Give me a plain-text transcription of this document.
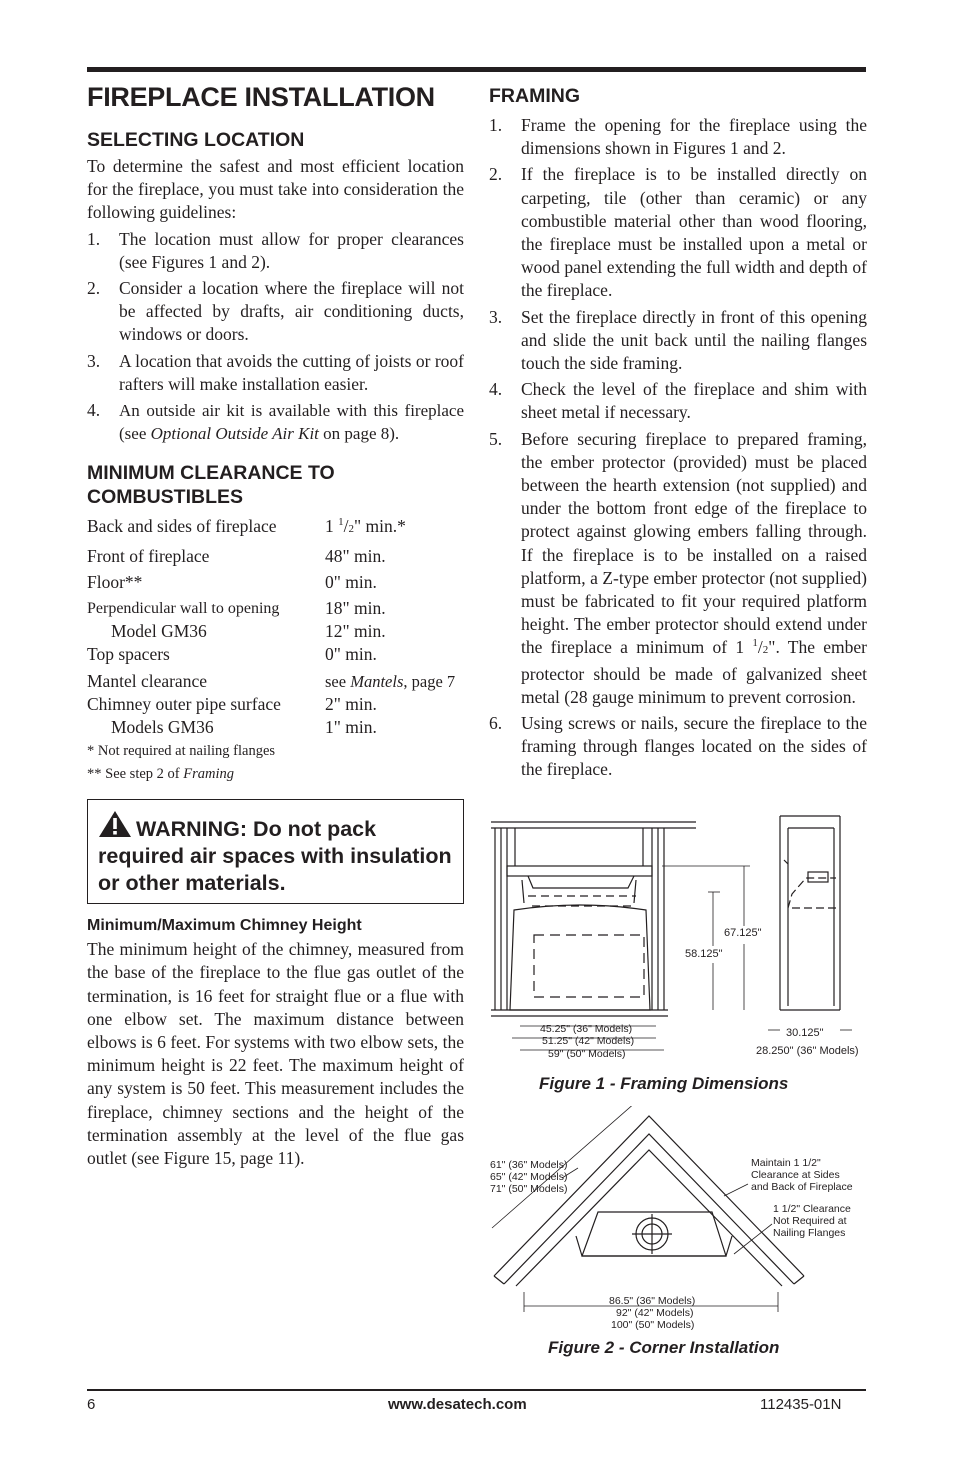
FIREPLACE INSTALLATION
SELECTING LOCATION

To determine the safest and most efficient location for the fireplace, you must take into consideration the following guidelines:

1.	The location must allow for proper clearances (see Figures 1 and 2).
2.	Consider a location where the fireplace will not be affected by drafts, air conditioning ducts, windows or doors.
3.	A location that avoids the cutting of joists or roof rafters will make installation easier.
4.	An outside air kit is available with this fireplace (see Optional Outside Air Kit on page 8).
MINIMUM CLEARANCE TO COMBUSTIBLES
Back and sides of fireplace	1 $^1$/2" min.*
Front of fireplace	48" min.
Floor**	0" min.
Perpendicular wall to opening	18" min.
Model GM36	12" min.
Top spacers	0" min.
Mantel clearance	see Mantels, page 7
Chimney outer pipe surface	2" min.
Models GM36	1" min.
* Not required at nailing flanges
** See step 2 of Framing
WARNING: Do not pack required air spaces with insulation or other materials.
Minimum/Maximum Chimney Height

The minimum height of the chimney, measured from the base of the fireplace to the flue gas outlet of the termination, is 16 feet for straight flue or a flue with one elbow set. The maximum distance between elbows is 6 feet. For systems with two elbow sets, the minimum height is 22 feet. The maximum height of any system is 50 feet. This measurement includes the fireplace, chimney sections and the height of the termination assembly at the level of the flue gas outlet (see Figure 15, page 11).

FRAMING
1.	Frame the opening for the fireplace using the dimensions shown in Figures 1 and 2.
2.	If the fireplace is to be installed directly on carpeting, tile (other than ceramic) or any combustible material other than wood flooring, the fireplace must be installed upon a metal or wood panel extending the full width and depth of the fireplace.
3.	Set the fireplace directly in front of this opening and slide the unit back until the nailing flanges touch the side framing.
4.	Check the level of the fireplace and shim with sheet metal if necessary.
5.	Before securing fireplace to prepared framing, the ember protector (provided) must be placed between the hearth extension (not supplied) and under the bottom front edge of the fireplace to protect against glowing embers falling through. If the fireplace is to be installed on a raised platform, a Z-type ember protector (not supplied) must be fabricated to fit your required platform height. The ember protector should extend under the fireplace a minimum of 1 $^1$/2". The ember protector should be made of galvanized sheet metal (28 gauge minimum to prevent corrosion.
6.	Using screws or nails, secure the fireplace to the framing through flanges located on the sides of the fireplace.
67.125"
58.125"
45.25" (36" Models)
51.25" (42" Models)
59" (50" Models)
30.125"
28.250" (36" Models)
Figure 1 - Framing Dimensions
61" (36" Models)
65" (42" Models)
71" (50" Models)
Maintain 1 1/2"
Clearance at Sides
and Back of Fireplace
1 1/2" Clearance
Not Required at
Nailing Flanges
86.5" (36" Models)
92" (42" Models)
100" (50" Models)
Figure 2 - Corner Installation
6	www.desatech.com	112435-01N
